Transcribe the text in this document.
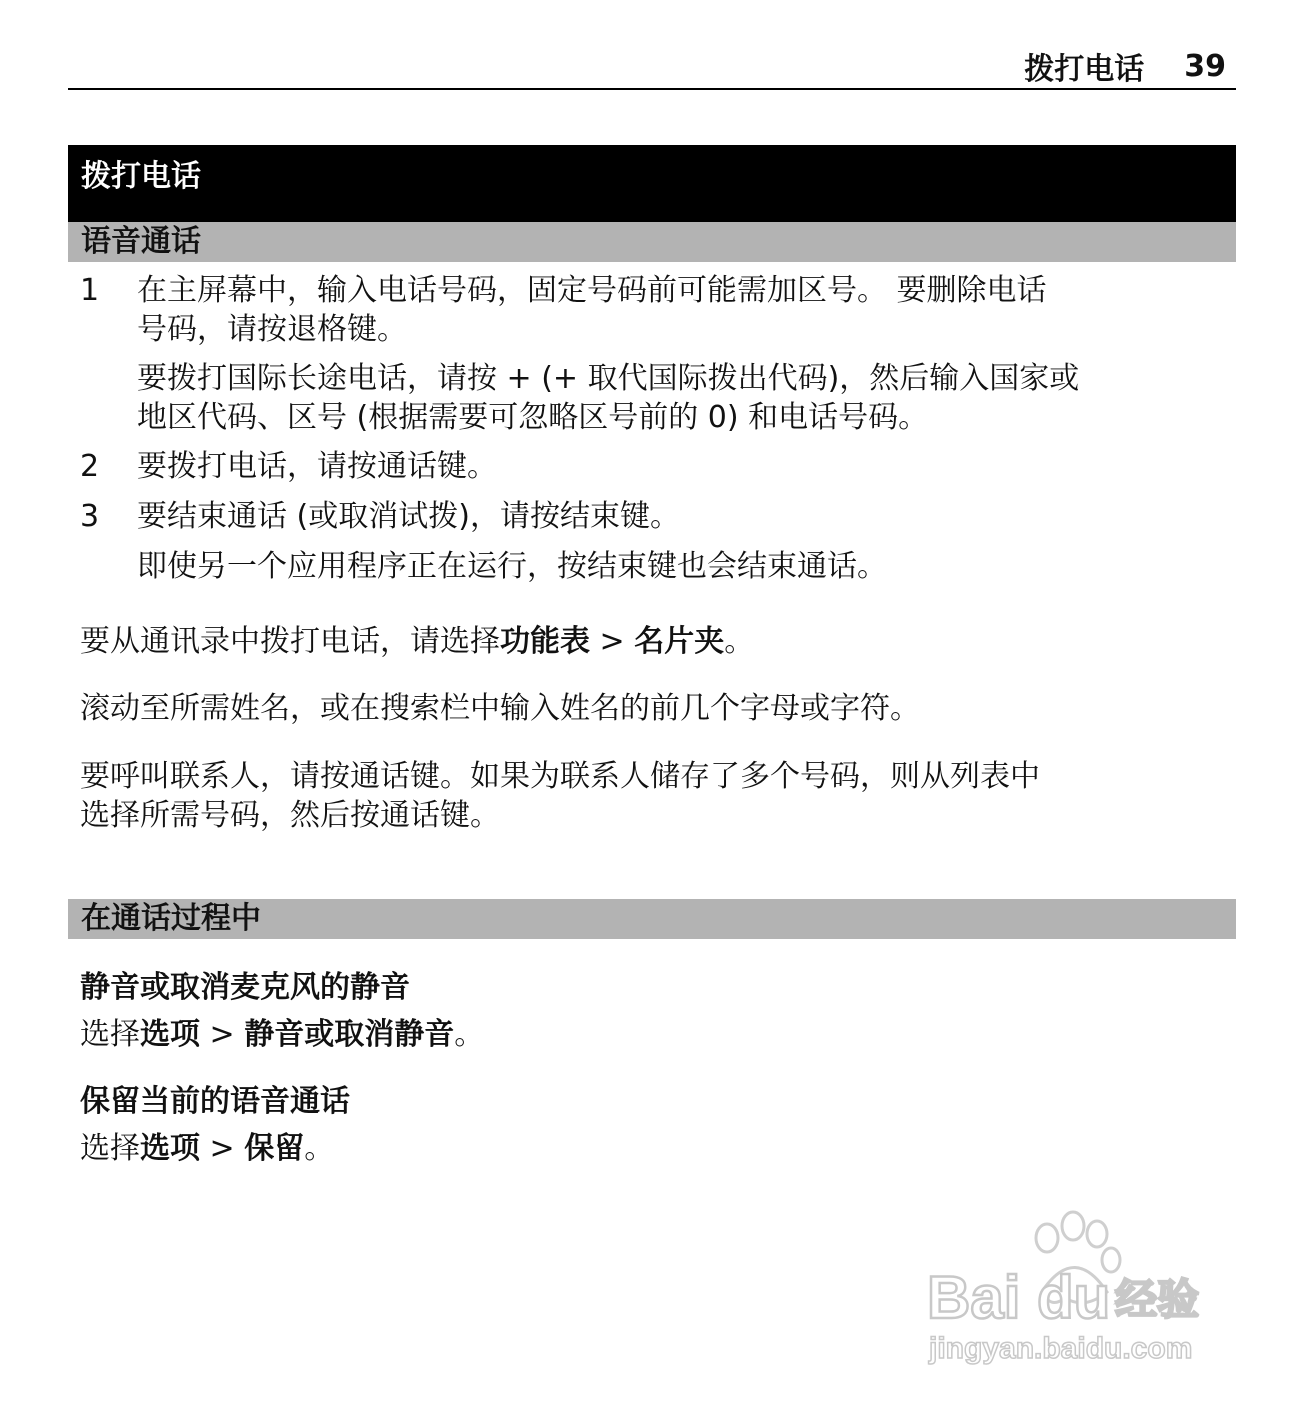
拨打电话 39
拨打电话
语音通话
1 在主屏幕中，输入电话号码，固定号码前可能需加区号。 要删除电话
号码，请按退格键。
要拨打国际长途电话，请按 + (+ 取代国际拨出代码)，然后输入国家或
地区代码、区号 (根据需要可忽略区号前的 0) 和电话号码。
2 要拨打电话，请按通话键。
3 要结束通话 (或取消试拨)，请按结束键。
即使另一个应用程序正在运行，按结束键也会结束通话。
要从通讯录中拨打电话，请选择功能表 > 名片夹。
滚动至所需姓名，或在搜索栏中输入姓名的前几个字母或字符。
要呼叫联系人，请按通话键。如果为联系人储存了多个号码，则从列表中
选择所需号码，然后按通话键。
在通话过程中
静音或取消麦克风的静音
选择选项 > 静音或取消静音。
保留当前的语音通话
选择选项 > 保留。
Bai du 经验
jingyan.baidu.com
